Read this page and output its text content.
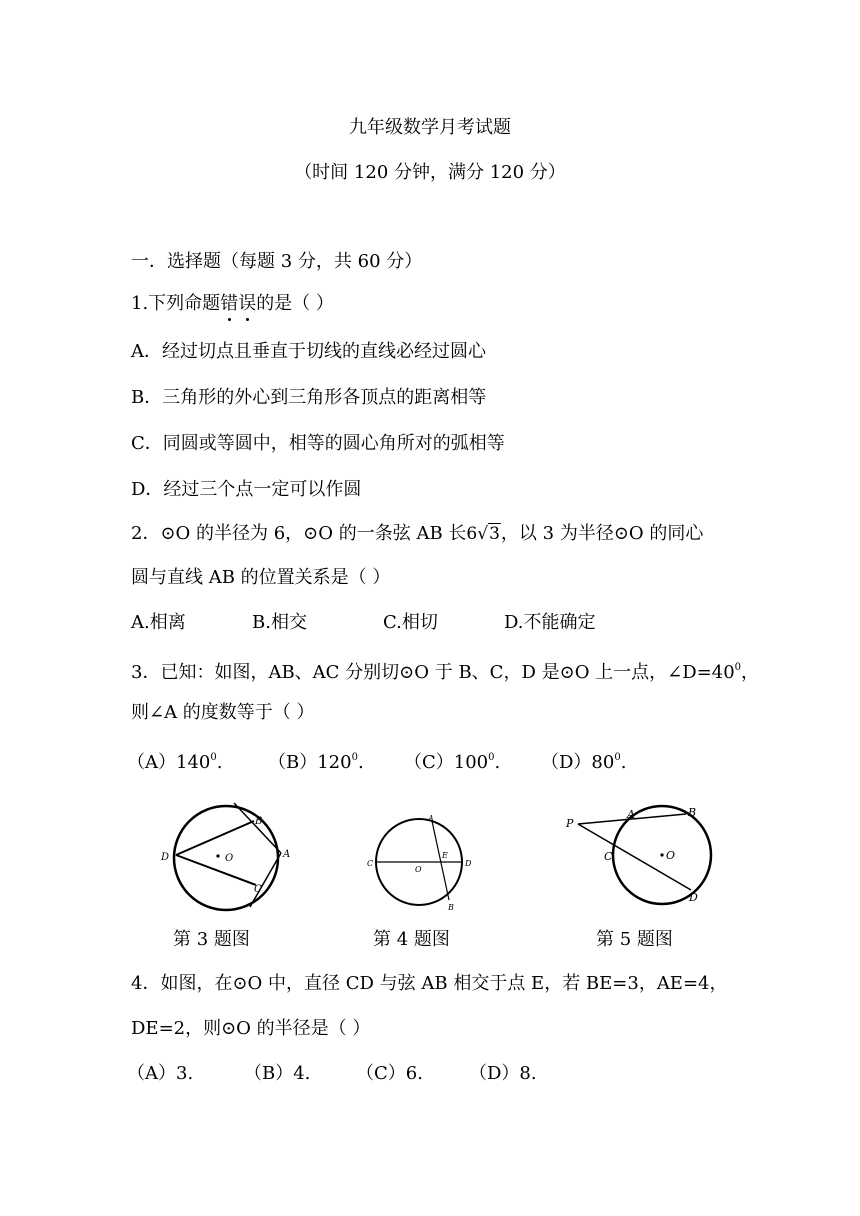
九年级数学月考试题
（时间 120 分钟，满分 120 分）
一．选择题（每题 3 分，共 60 分）
1.下列命题错误的是（ ）
A．经过切点且垂直于切线的直线必经过圆心
B．三角形的外心到三角形各顶点的距离相等
C．同圆或等圆中，相等的圆心角所对的弧相等
D．经过三个点一定可以作圆
2．⊙O 的半径为 6，⊙O 的一条弦 AB 长6√3，以 3 为半径⊙O 的同心
圆与直线 AB 的位置关系是（ ）
A.相离	B.相交	C.相切	D.不能确定
3．已知：如图，AB、AC 分别切⊙O 于 B、C，D 是⊙O 上一点，$\angle D=40^0$，
则∠A 的度数等于（ ）
$(A)140^0$.	$(B)120^0$. $(C)100^0$. $(D)80^0$.
B
D	O	A
C
第 3 题图
A
C
O
E
D
B
第 4 题图
P
A	B
C	O
D
第 5 题图
4．如图，在⊙O 中，直径 CD 与弦 AB 相交于点 E，若 BE=3，AE=4，
DE=2，则⊙O 的半径是（ ）
（A）3.	（B）4.	（C）6.	（D）8.
